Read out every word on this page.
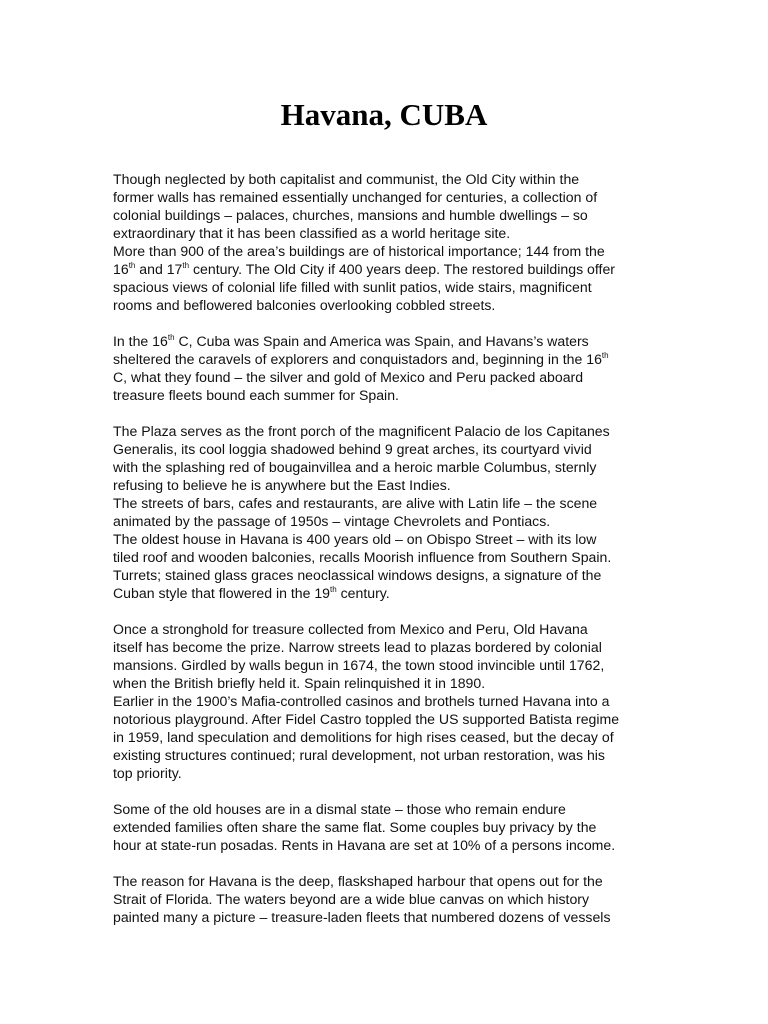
Havana, CUBA
Though neglected by both capitalist and communist, the Old City within the
former walls has remained essentially unchanged for centuries, a collection of
colonial buildings – palaces, churches, mansions and humble dwellings – so
extraordinary that it has been classified as a world heritage site.
More than 900 of the area’s buildings are of historical importance; 144 from the
16th and 17th century. The Old City if 400 years deep. The restored buildings offer
spacious views of colonial life filled with sunlit patios, wide stairs, magnificent
rooms and beflowered balconies overlooking cobbled streets.
In the 16th C, Cuba was Spain and America was Spain, and Havans’s waters
sheltered the caravels of explorers and conquistadors and, beginning in the 16th
C, what they found – the silver and gold of Mexico and Peru packed aboard
treasure fleets bound each summer for Spain.
The Plaza serves as the front porch of the magnificent Palacio de los Capitanes
Generalis, its cool loggia shadowed behind 9 great arches, its courtyard vivid
with the splashing red of bougainvillea and a heroic marble Columbus, sternly
refusing to believe he is anywhere but the East Indies.
The streets of bars, cafes and restaurants, are alive with Latin life – the scene
animated by the passage of 1950s – vintage Chevrolets and Pontiacs.
The oldest house in Havana is 400 years old – on Obispo Street – with its low
tiled roof and wooden balconies, recalls Moorish influence from Southern Spain.
Turrets; stained glass graces neoclassical windows designs, a signature of the
Cuban style that flowered in the 19th century.
Once a stronghold for treasure collected from Mexico and Peru, Old Havana
itself has become the prize. Narrow streets lead to plazas bordered by colonial
mansions. Girdled by walls begun in 1674, the town stood invincible until 1762,
when the British briefly held it. Spain relinquished it in 1890.
Earlier in the 1900’s Mafia-controlled casinos and brothels turned Havana into a
notorious playground. After Fidel Castro toppled the US supported Batista regime
in 1959, land speculation and demolitions for high rises ceased, but the decay of
existing structures continued; rural development, not urban restoration, was his
top priority.
Some of the old houses are in a dismal state – those who remain endure
extended families often share the same flat. Some couples buy privacy by the
hour at state-run posadas. Rents in Havana are set at 10% of a persons income.
The reason for Havana is the deep, flaskshaped harbour that opens out for the
Strait of Florida. The waters beyond are a wide blue canvas on which history
painted many a picture – treasure-laden fleets that numbered dozens of vessels
